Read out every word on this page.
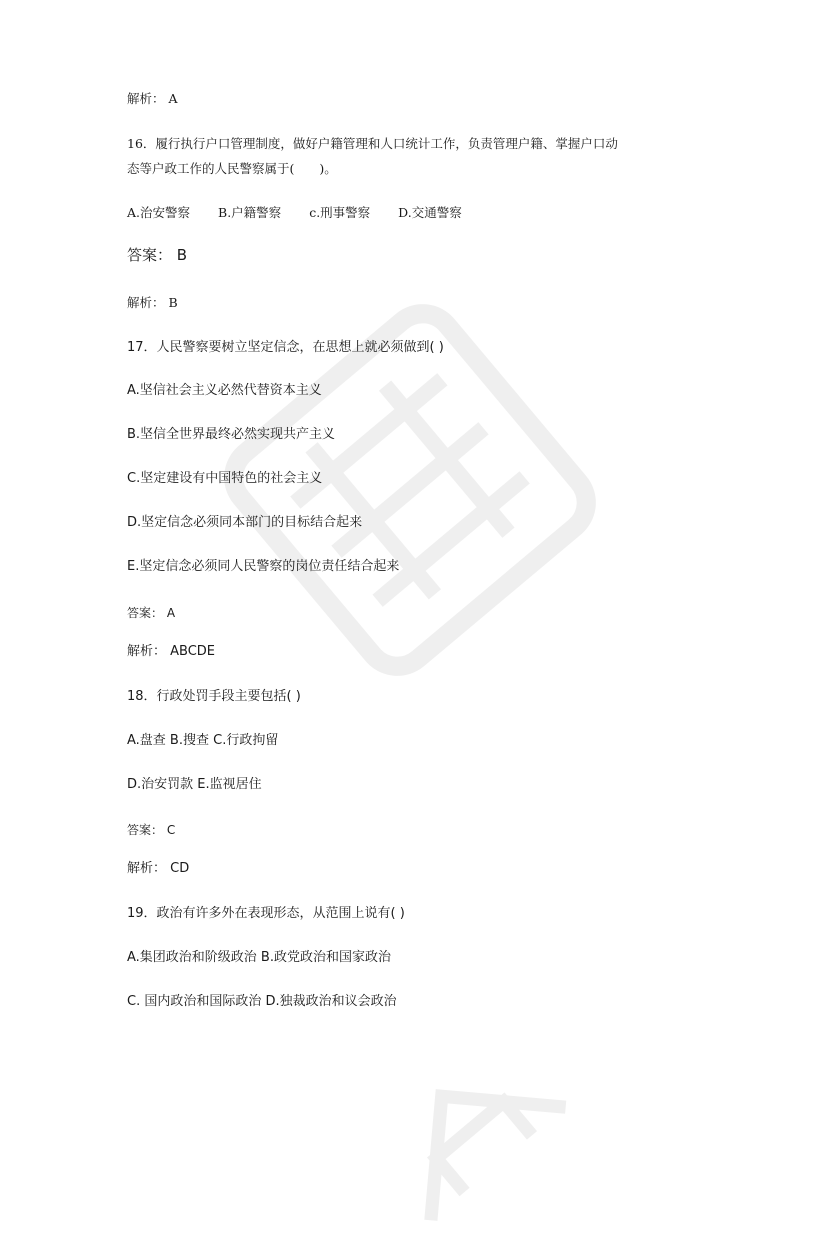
解析： A
16．履行执行户口管理制度，做好户籍管理和人口统计工作，负责管理户籍、掌握户口动
态等户政工作的人民警察属于(　　)。
A.治安警察 B.户籍警察 c.刑事警察 D.交通警察
答案： B
解析： B
17．人民警察要树立坚定信念，在思想上就必须做到( )
A.坚信社会主义必然代替资本主义
B.坚信全世界最终必然实现共产主义
C.坚定建设有中国特色的社会主义
D.坚定信念必须同本部门的目标结合起来
E.坚定信念必须同人民警察的岗位责任结合起来
答案： A
解析： ABCDE
18．行政处罚手段主要包括( )
A.盘查 B.搜查 C.行政拘留
D.治安罚款 E.监视居住
答案： C
解析： CD
19．政治有许多外在表现形态，从范围上说有( )
A.集团政治和阶级政治 B.政党政治和国家政治
C. 国内政治和国际政治 D.独裁政治和议会政治
